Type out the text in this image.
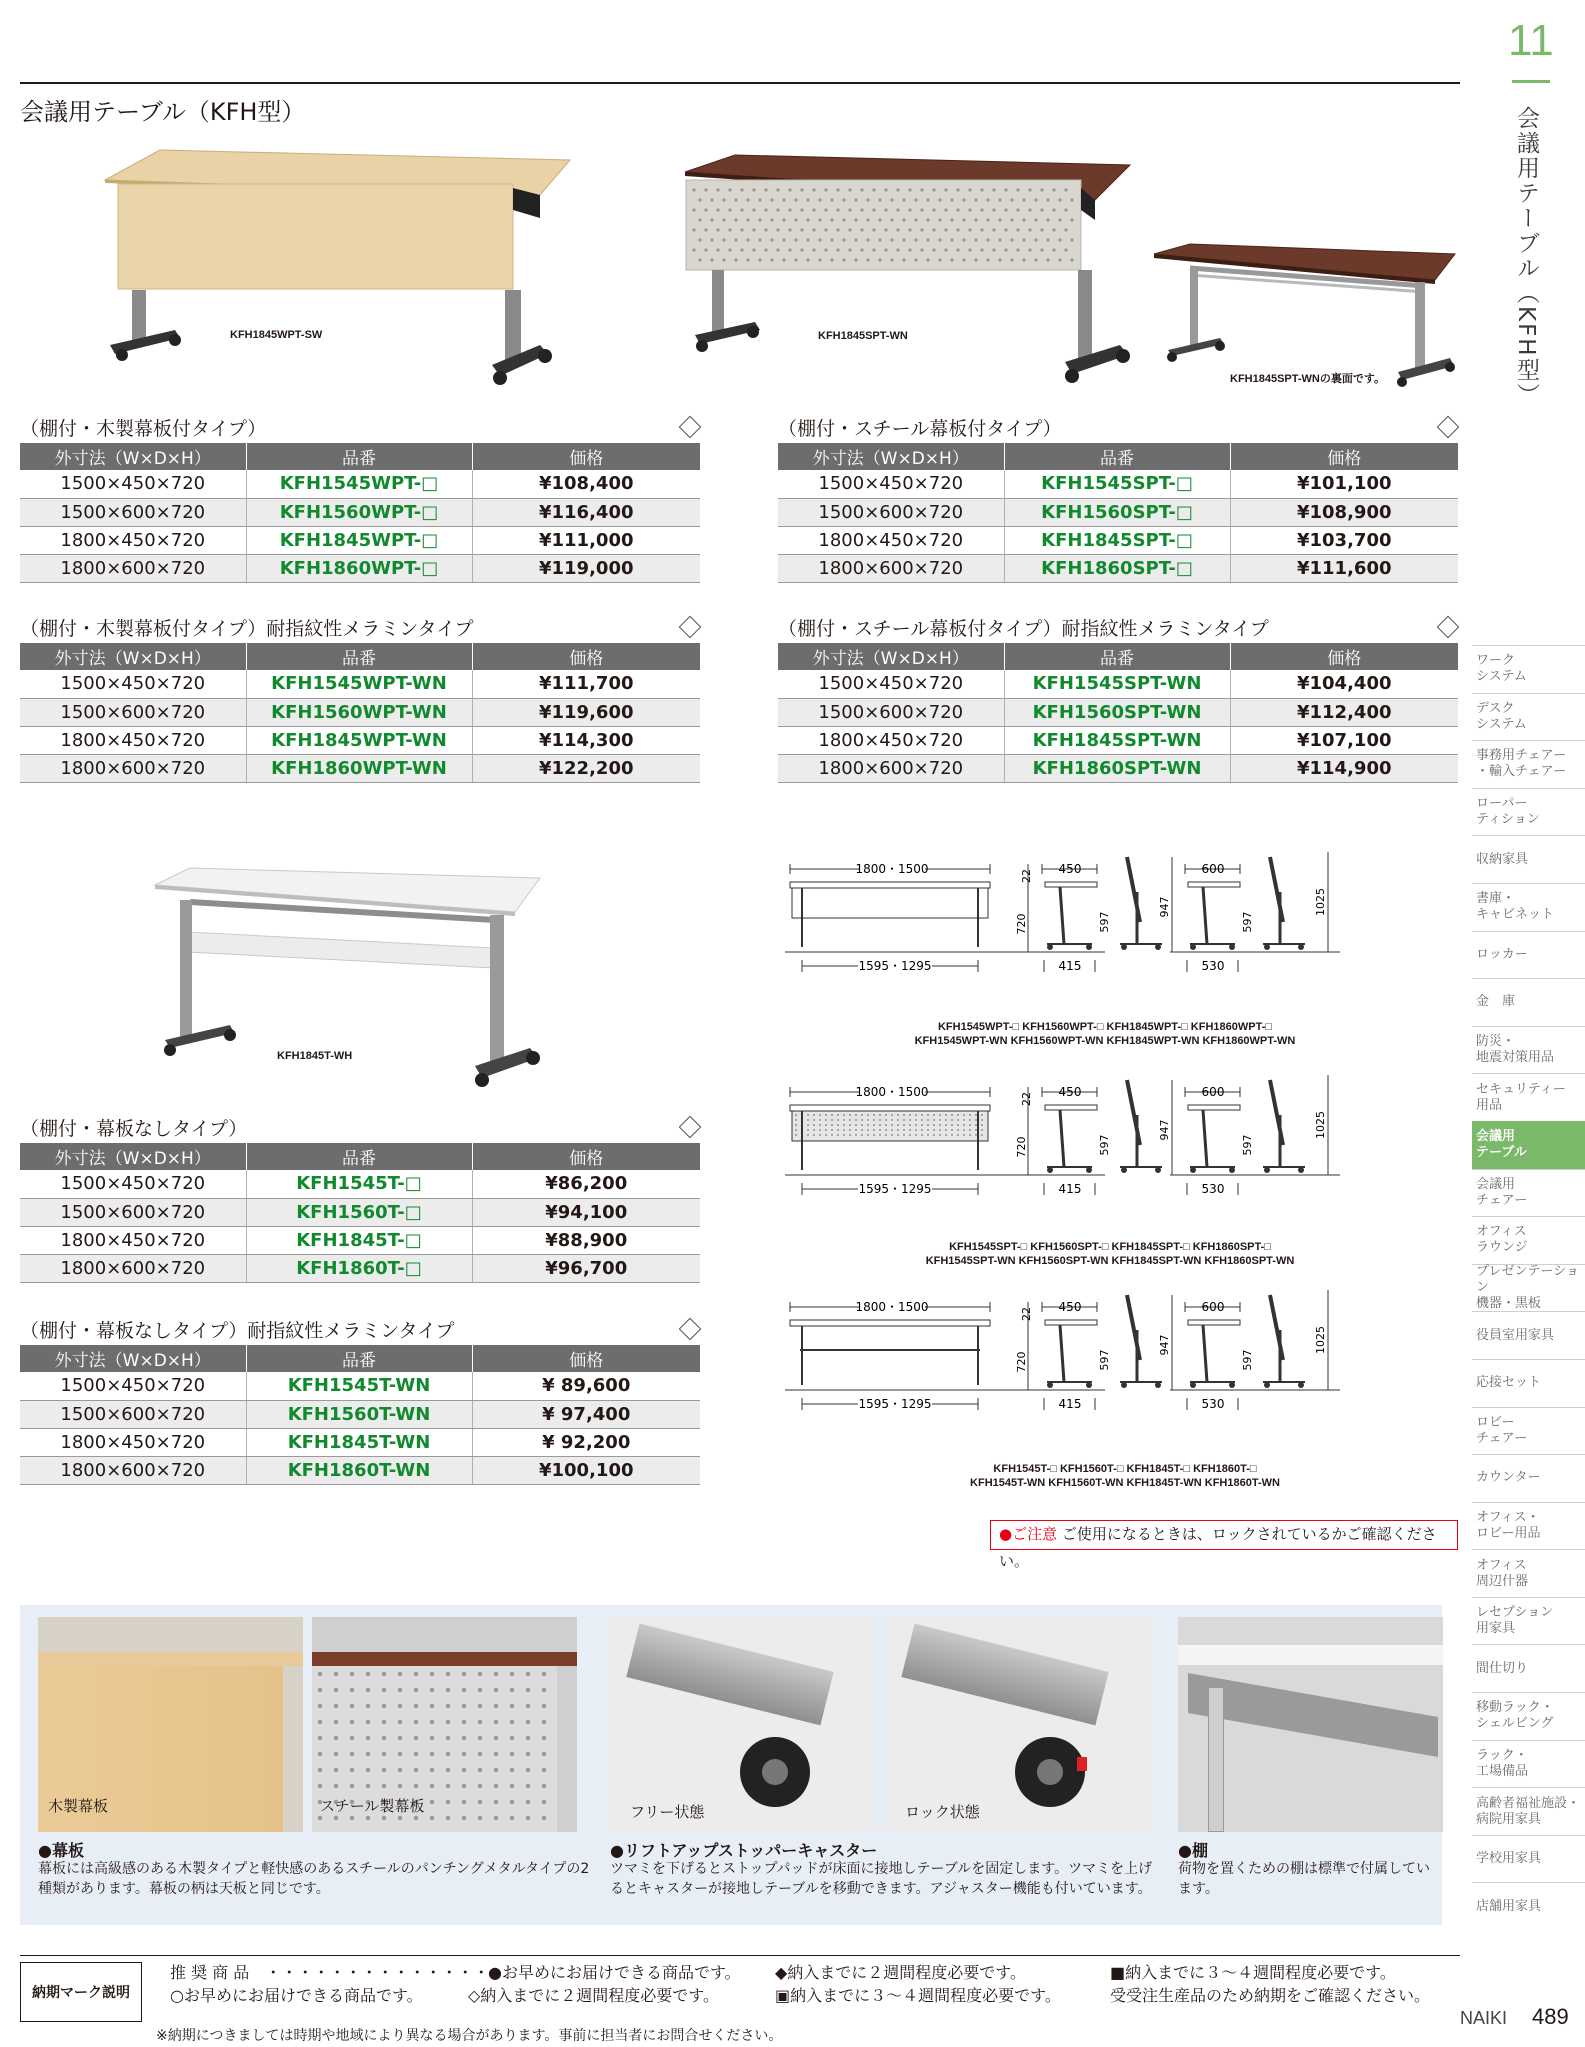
11
会議用テーブル（KFH型）
会議用テーブル（KFH型）
KFH1845WPT-SW	KFH1845SPT-WN
KFH1845SPT-WNの裏面です。
KFH1845T-WH
（棚付・木製幕板付タイプ）
外寸法（W×D×H）	品番	価格
1500×450×720	KFH1545WPT-□	¥108,400
1500×600×720	KFH1560WPT-□	¥116,400
1800×450×720	KFH1845WPT-□	¥111,000
1800×600×720	KFH1860WPT-□	¥119,000
（棚付・スチール幕板付タイプ）
外寸法（W×D×H）	品番	価格
1500×450×720	KFH1545SPT-□	¥101,100
1500×600×720	KFH1560SPT-□	¥108,900
1800×450×720	KFH1845SPT-□	¥103,700
1800×600×720	KFH1860SPT-□	¥111,600
（棚付・木製幕板付タイプ）耐指紋性メラミンタイプ
外寸法（W×D×H）	品番	価格
1500×450×720	KFH1545WPT-WN	¥111,700
1500×600×720	KFH1560WPT-WN	¥119,600
1800×450×720	KFH1845WPT-WN	¥114,300
1800×600×720	KFH1860WPT-WN	¥122,200
（棚付・スチール幕板付タイプ）耐指紋性メラミンタイプ
外寸法（W×D×H）	品番	価格
1500×450×720	KFH1545SPT-WN	¥104,400
1500×600×720	KFH1560SPT-WN	¥112,400
1800×450×720	KFH1845SPT-WN	¥107,100
1800×600×720	KFH1860SPT-WN	¥114,900
（棚付・幕板なしタイプ）
外寸法（W×D×H）	品番	価格
1500×450×720	KFH1545T-□	¥86,200
1500×600×720	KFH1560T-□	¥94,100
1800×450×720	KFH1845T-□	¥88,900
1800×600×720	KFH1860T-□	¥96,700
（棚付・幕板なしタイプ）耐指紋性メラミンタイプ
外寸法（W×D×H）	品番	価格
1500×450×720	KFH1545T-WN	¥ 89,600
1500×600×720	KFH1560T-WN	¥ 97,400
1800×450×720	KFH1845T-WN	¥ 92,200
1800×600×720	KFH1860T-WN	¥100,100
1800・1500
1595・1295
22
720
450
415
597
947
600
530
597
1025
KFH1545WPT-□ KFH1560WPT-□ KFH1845WPT-□ KFH1860WPT-□
KFH1545WPT-WN KFH1560WPT-WN KFH1845WPT-WN KFH1860WPT-WN
1800・1500
1595・1295
22
720
450
415
597
947
600
530
597
1025
KFH1545SPT-□ KFH1560SPT-□ KFH1845SPT-□ KFH1860SPT-□
KFH1545SPT-WN KFH1560SPT-WN KFH1845SPT-WN KFH1860SPT-WN
1800・1500
1595・1295
22
720
450
415
597
947
600
530
597
1025
KFH1545T-□ KFH1560T-□ KFH1845T-□ KFH1860T-□
KFH1545T-WN KFH1560T-WN KFH1845T-WN KFH1860T-WN
●ご注意 ご使用になるときは、ロックされているかご確認ください。
木製幕板	スチール製幕板	フリー状態	ロック状態
●幕板
幕板には高級感のある木製タイプと軽快感のあるスチールのパンチングメタルタイプの2種類があります。幕板の柄は天板と同じです。
●リフトアップストッパーキャスター
ツマミを下げるとストップパッドが床面に接地しテーブルを固定します。ツマミを上げるとキャスターが接地しテーブルを移動できます。アジャスター機能も付いています。
●棚
荷物を置くための棚は標準で付属しています。
ワーク
システム
デスク
システム
事務用チェアー
・輸入チェアー
ローパー
ティション
収納家具
書庫・
キャビネット
ロッカー
金　庫
防災・
地震対策用品
セキュリティー
用品
会議用
テーブル
会議用
チェアー
オフィス
ラウンジ
プレゼンテーション
機器・黒板
役員室用家具
応接セット
ロビー
チェアー
カウンター
オフィス・
ロビー用品
オフィス
周辺什器
レセプション
用家具
間仕切り
移動ラック・
シェルビング
ラック・
工場備品
高齢者福祉施設・
病院用家具
学校用家具
店舗用家具
納期マーク説明
推 奨 商 品　・・・・・・・・・・・・・・・
●お早めにお届けできる商品です。 ◆納入までに２週間程度必要です。	■納入までに３～４週間程度必要です。
○お早めにお届けできる商品です。	◇納入までに２週間程度必要です。	▣納入までに３～４週間程度必要です。	受受注生産品のため納期をご確認ください。
※納期につきましては時期や地域により異なる場合があります。事前に担当者にお問合せください。
NAIKI 489
